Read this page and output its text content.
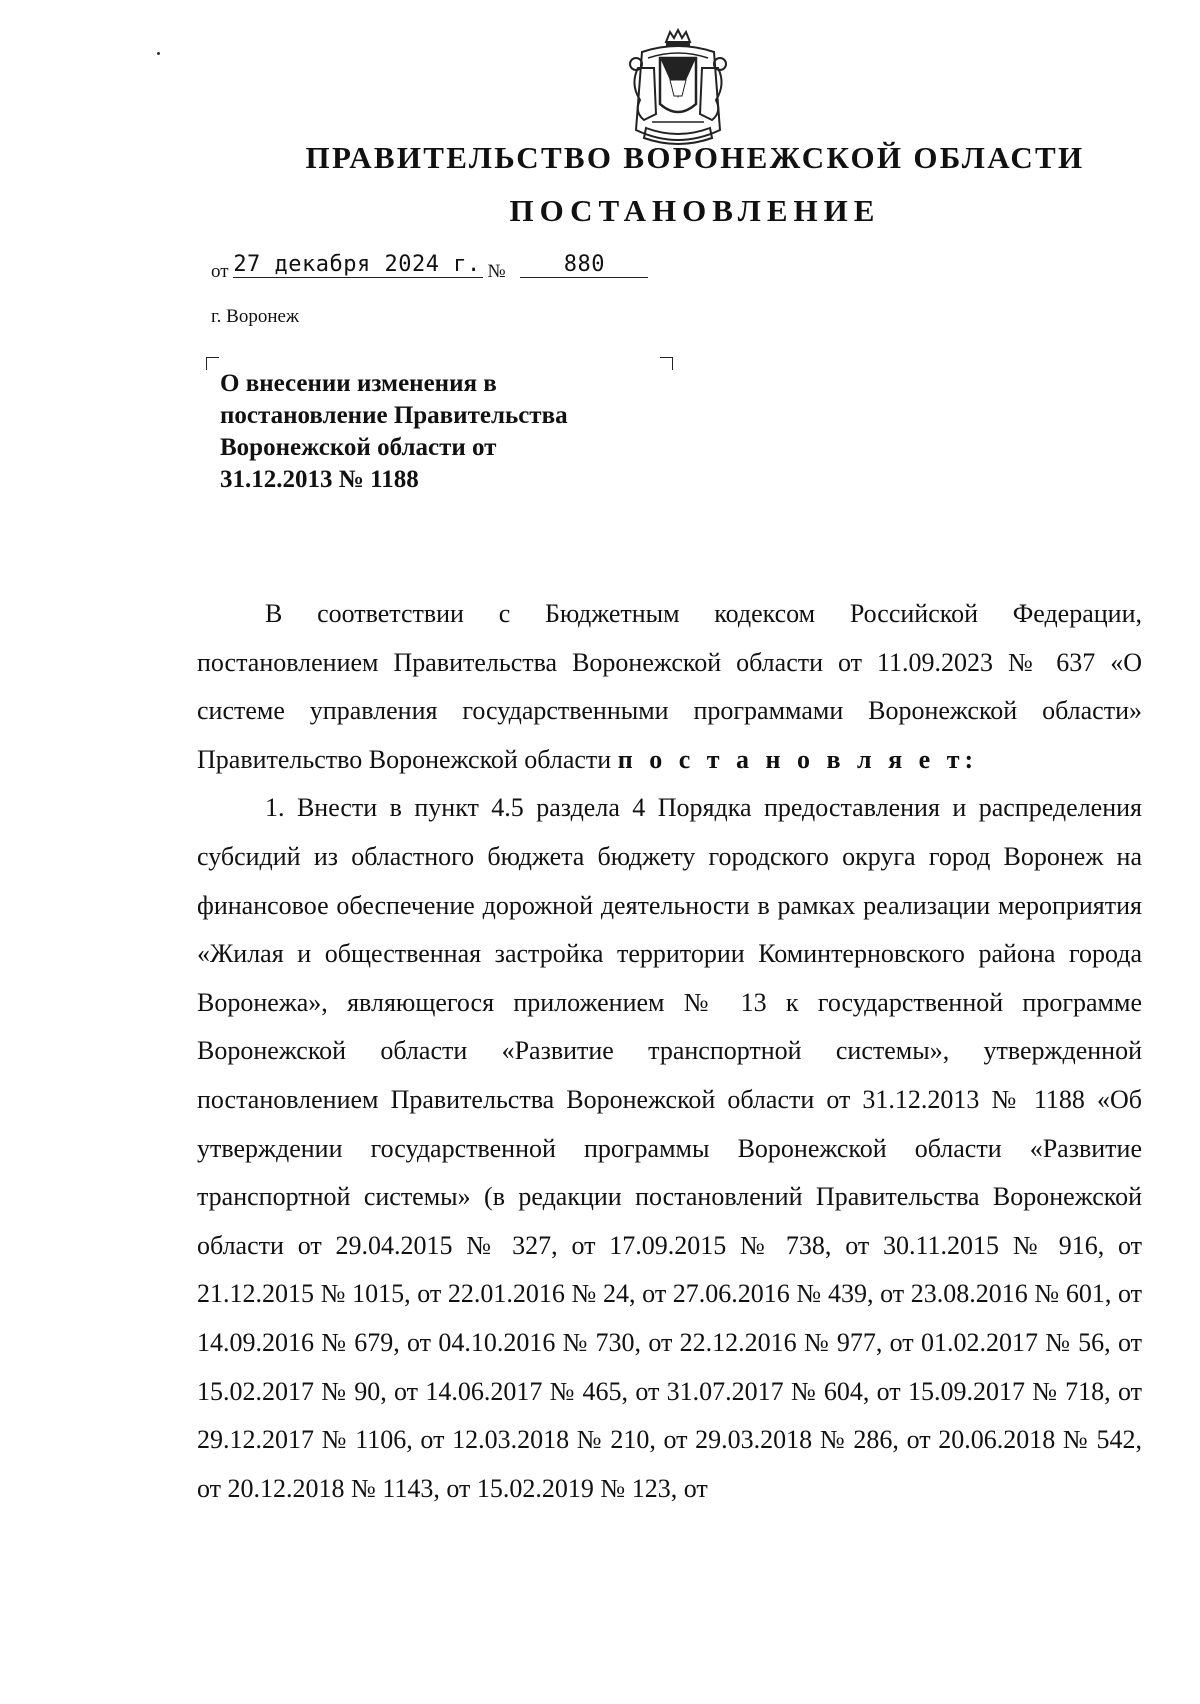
ПРАВИТЕЛЬСТВО ВОРОНЕЖСКОЙ ОБЛАСТИ
ПОСТАНОВЛЕНИЕ
от 27 декабря 2024 г. №	880
г. Воронеж
О внесении изменения в
постановление Правительства
Воронежской области от
31.12.2013 № 1188

В соответствии с Бюджетным кодексом Российской Федерации, постановлением Правительства Воронежской области от 11.09.2023 № 637 «О системе управления государственными программами Воронежской области» Правительство Воронежской области п о с т а н о в л я е т:

1. Внести в пункт 4.5 раздела 4 Порядка предоставления и распределения субсидий из областного бюджета бюджету городского округа город Воронеж на финансовое обеспечение дорожной деятельности в рамках реализации мероприятия «Жилая и общественная застройка территории Коминтерновского района города Воронежа», являющегося приложением № 13 к государственной программе Воронежской области «Развитие транспортной системы», утвержденной постановлением Правительства Воронежской области от 31.12.2013 № 1188 «Об утверждении государственной программы Воронежской области «Развитие транспортной системы» (в редакции постановлений Правительства Воронежской области от 29.04.2015 № 327, от 17.09.2015 № 738, от 30.11.2015 № 916, от 21.12.2015 № 1015, от 22.01.2016 № 24, от 27.06.2016 № 439, от 23.08.2016 № 601, от 14.09.2016 № 679, от 04.10.2016 № 730, от 22.12.2016 № 977, от 01.02.2017 № 56, от 15.02.2017 № 90, от 14.06.2017 № 465, от 31.07.2017 № 604, от 15.09.2017 № 718, от 29.12.2017 № 1106, от 12.03.2018 № 210, от 29.03.2018 № 286, от 20.06.2018 № 542, от 20.12.2018 № 1143, от 15.02.2019 № 123, от
